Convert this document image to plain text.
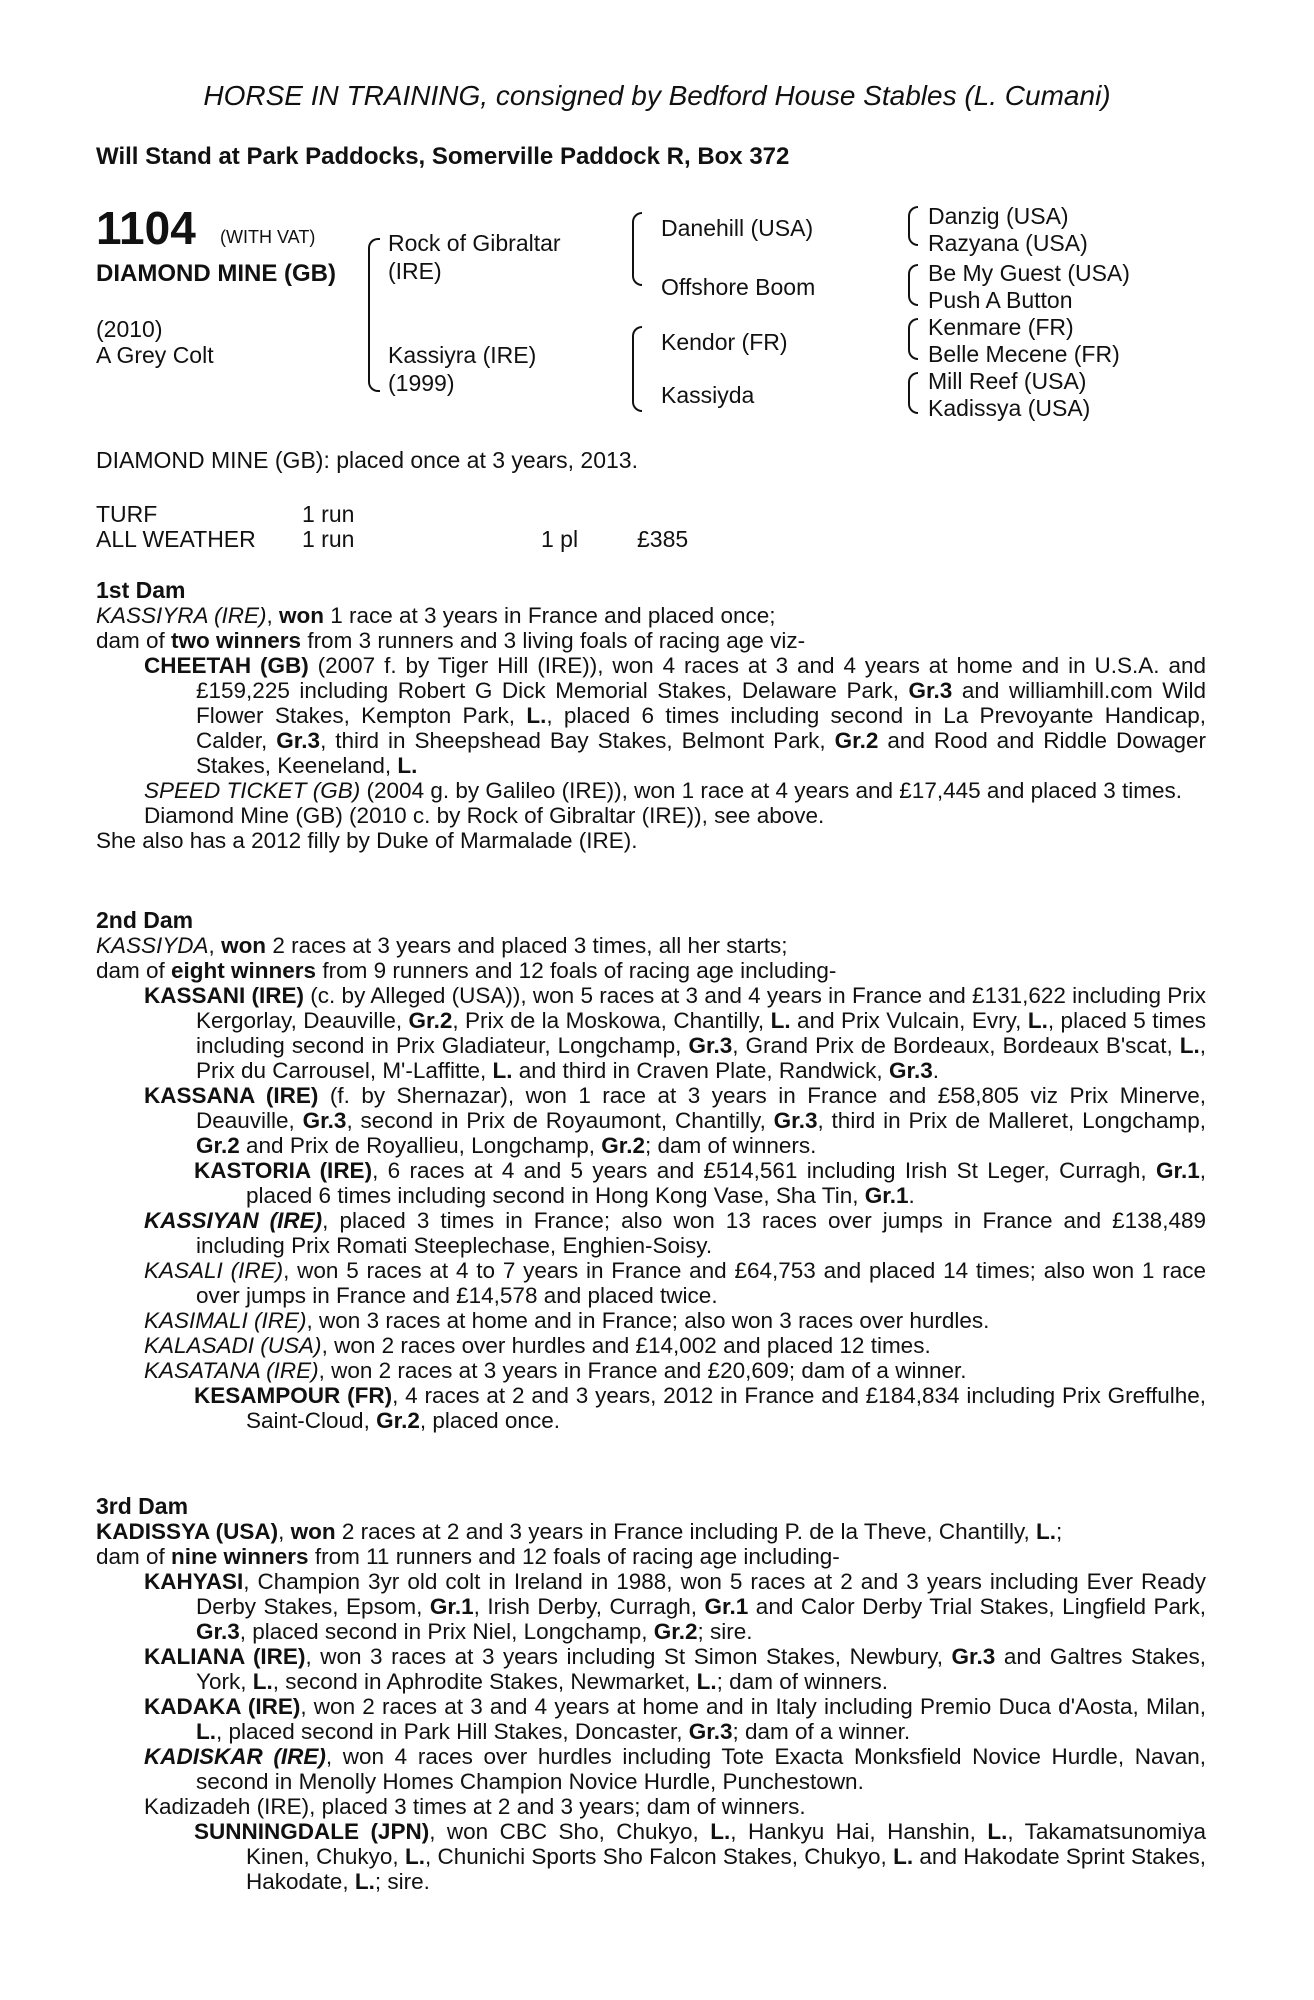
HORSE IN TRAINING, consigned by Bedford House Stables (L. Cumani)
Will Stand at Park Paddocks, Somerville Paddock R, Box 372
1104 (WITH VAT)
DIAMOND MINE (GB)
(2010)
A Grey Colt
Rock of Gibraltar
(IRE)
Kassiyra (IRE)
(1999)
Danehill (USA)
Offshore Boom
Kendor (FR)
Kassiyda
Danzig (USA)
Razyana (USA)
Be My Guest (USA)
Push A Button
Kenmare (FR)
Belle Mecene (FR)
Mill Reef (USA)
Kadissya (USA)
DIAMOND MINE (GB): placed once at 3 years, 2013.
TURF	1 run
ALL WEATHER 1 run	1 pl	£385
1st Dam
KASSIYRA (IRE), won 1 race at 3 years in France and placed once;
dam of two winners from 3 runners and 3 living foals of racing age viz-
CHEETAH (GB) (2007 f. by Tiger Hill (IRE)), won 4 races at 3 and 4 years at home and in U.S.A. and £159,225 including Robert G Dick Memorial Stakes, Delaware Park, Gr.3 and williamhill.com Wild Flower Stakes, Kempton Park, L., placed 6 times including second in La Prevoyante Handicap, Calder, Gr.3, third in Sheepshead Bay Stakes, Belmont Park, Gr.2 and Rood and Riddle Dowager Stakes, Keeneland, L.
SPEED TICKET (GB) (2004 g. by Galileo (IRE)), won 1 race at 4 years and £17,445 and placed 3 times.
Diamond Mine (GB) (2010 c. by Rock of Gibraltar (IRE)), see above.
She also has a 2012 filly by Duke of Marmalade (IRE).
2nd Dam
KASSIYDA, won 2 races at 3 years and placed 3 times, all her starts;
dam of eight winners from 9 runners and 12 foals of racing age including-
KASSANI (IRE) (c. by Alleged (USA)), won 5 races at 3 and 4 years in France and £131,622 including Prix Kergorlay, Deauville, Gr.2, Prix de la Moskowa, Chantilly, L. and Prix Vulcain, Evry, L., placed 5 times including second in Prix Gladiateur, Longchamp, Gr.3, Grand Prix de Bordeaux, Bordeaux B'scat, L., Prix du Carrousel, M'-Laffitte, L. and third in Craven Plate, Randwick, Gr.3.
KASSANA (IRE) (f. by Shernazar), won 1 race at 3 years in France and £58,805 viz Prix Minerve, Deauville, Gr.3, second in Prix de Royaumont, Chantilly, Gr.3, third in Prix de Malleret, Longchamp, Gr.2 and Prix de Royallieu, Longchamp, Gr.2; dam of winners.
KASTORIA (IRE), 6 races at 4 and 5 years and £514,561 including Irish St Leger, Curragh, Gr.1, placed 6 times including second in Hong Kong Vase, Sha Tin, Gr.1.
KASSIYAN (IRE), placed 3 times in France; also won 13 races over jumps in France and £138,489 including Prix Romati Steeplechase, Enghien-Soisy.
KASALI (IRE), won 5 races at 4 to 7 years in France and £64,753 and placed 14 times; also won 1 race over jumps in France and £14,578 and placed twice.
KASIMALI (IRE), won 3 races at home and in France; also won 3 races over hurdles.
KALASADI (USA), won 2 races over hurdles and £14,002 and placed 12 times.
KASATANA (IRE), won 2 races at 3 years in France and £20,609; dam of a winner.
KESAMPOUR (FR), 4 races at 2 and 3 years, 2012 in France and £184,834 including Prix Greffulhe, Saint-Cloud, Gr.2, placed once.
3rd Dam
KADISSYA (USA), won 2 races at 2 and 3 years in France including P. de la Theve, Chantilly, L.;
dam of nine winners from 11 runners and 12 foals of racing age including-
KAHYASI, Champion 3yr old colt in Ireland in 1988, won 5 races at 2 and 3 years including Ever Ready Derby Stakes, Epsom, Gr.1, Irish Derby, Curragh, Gr.1 and Calor Derby Trial Stakes, Lingfield Park, Gr.3, placed second in Prix Niel, Longchamp, Gr.2; sire.
KALIANA (IRE), won 3 races at 3 years including St Simon Stakes, Newbury, Gr.3 and Galtres Stakes, York, L., second in Aphrodite Stakes, Newmarket, L.; dam of winners.
KADAKA (IRE), won 2 races at 3 and 4 years at home and in Italy including Premio Duca d'Aosta, Milan, L., placed second in Park Hill Stakes, Doncaster, Gr.3; dam of a winner.
KADISKAR (IRE), won 4 races over hurdles including Tote Exacta Monksfield Novice Hurdle, Navan, second in Menolly Homes Champion Novice Hurdle, Punchestown.
Kadizadeh (IRE), placed 3 times at 2 and 3 years; dam of winners.
SUNNINGDALE (JPN), won CBC Sho, Chukyo, L., Hankyu Hai, Hanshin, L., Takamatsunomiya Kinen, Chukyo, L., Chunichi Sports Sho Falcon Stakes, Chukyo, L. and Hakodate Sprint Stakes, Hakodate, L.; sire.
